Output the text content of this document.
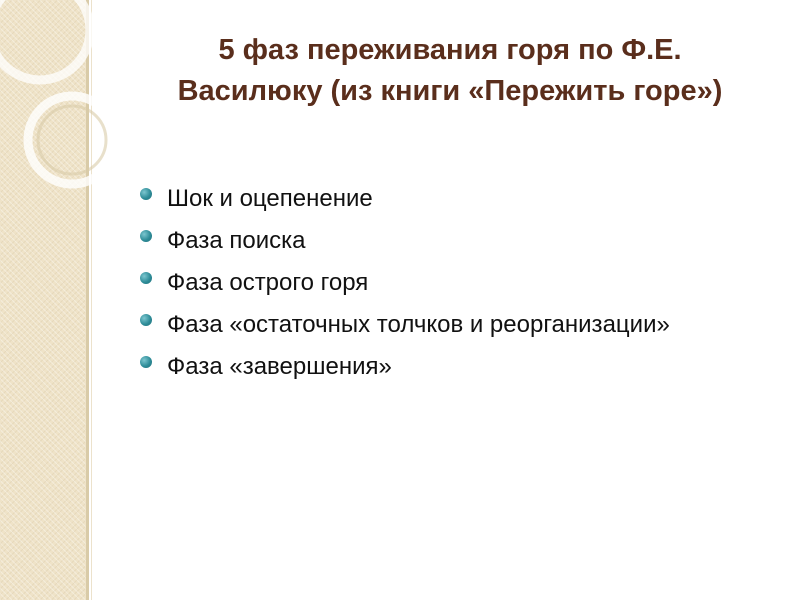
5 фаз переживания горя по Ф.Е.
Василюку (из книги «Пережить горе»)
Шок и оцепенение
Фаза поиска
Фаза острого горя
Фаза «остаточных толчков и реорганизации»
Фаза «завершения»
